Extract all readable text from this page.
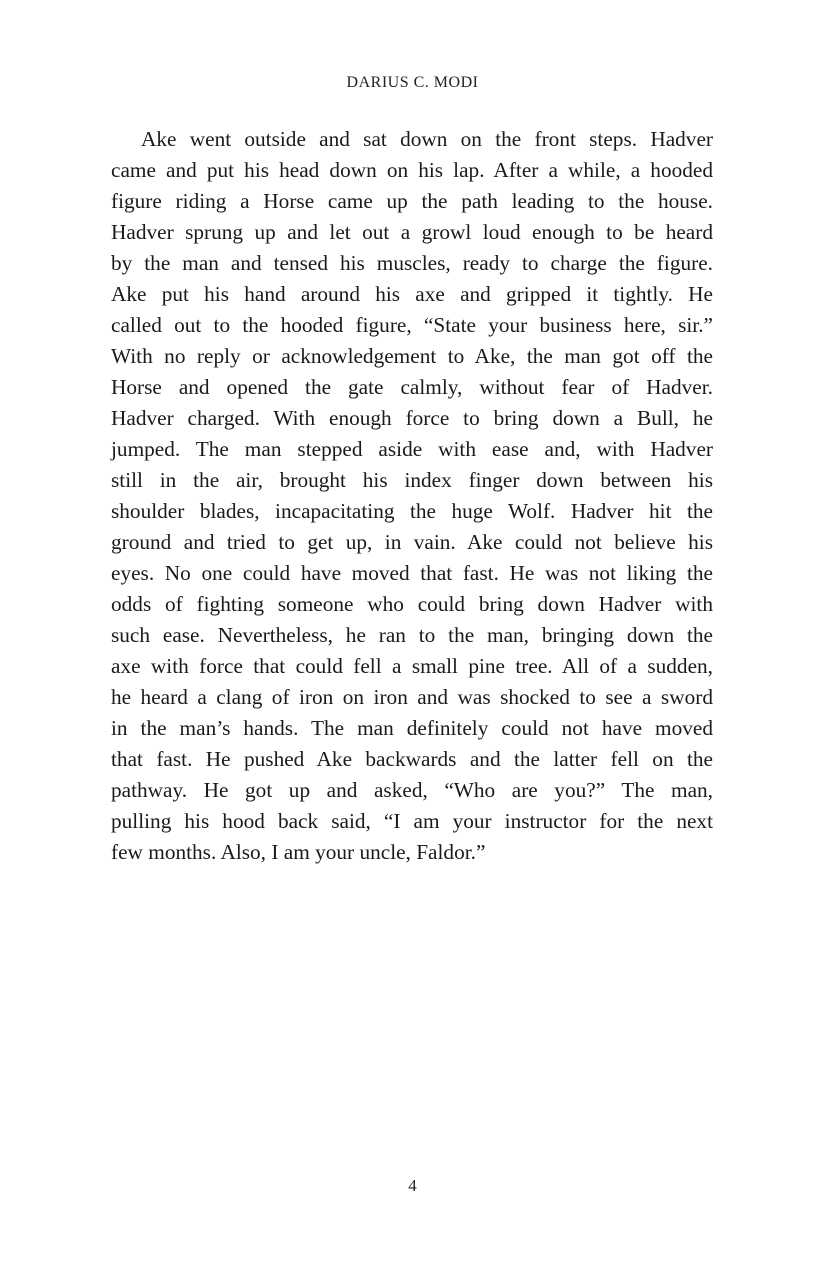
DARIUS C. MODI
Ake went outside and sat down on the front steps. Hadver
came and put his head down on his lap. After a while, a hooded
figure riding a Horse came up the path leading to the house.
Hadver sprung up and let out a growl loud enough to be heard
by the man and tensed his muscles, ready to charge the figure.
Ake put his hand around his axe and gripped it tightly. He
called out to the hooded figure, “State your business here, sir.”
With no reply or acknowledgement to Ake, the man got off the
Horse and opened the gate calmly, without fear of Hadver.
Hadver charged. With enough force to bring down a Bull, he
jumped. The man stepped aside with ease and, with Hadver
still in the air, brought his index finger down between his
shoulder blades, incapacitating the huge Wolf. Hadver hit the
ground and tried to get up, in vain. Ake could not believe his
eyes. No one could have moved that fast. He was not liking the
odds of fighting someone who could bring down Hadver with
such ease. Nevertheless, he ran to the man, bringing down the
axe with force that could fell a small pine tree. All of a sudden,
he heard a clang of iron on iron and was shocked to see a sword
in the man’s hands. The man definitely could not have moved
that fast. He pushed Ake backwards and the latter fell on the
pathway. He got up and asked, “Who are you?” The man,
pulling his hood back said, “I am your instructor for the next
few months. Also, I am your uncle, Faldor.”
4
